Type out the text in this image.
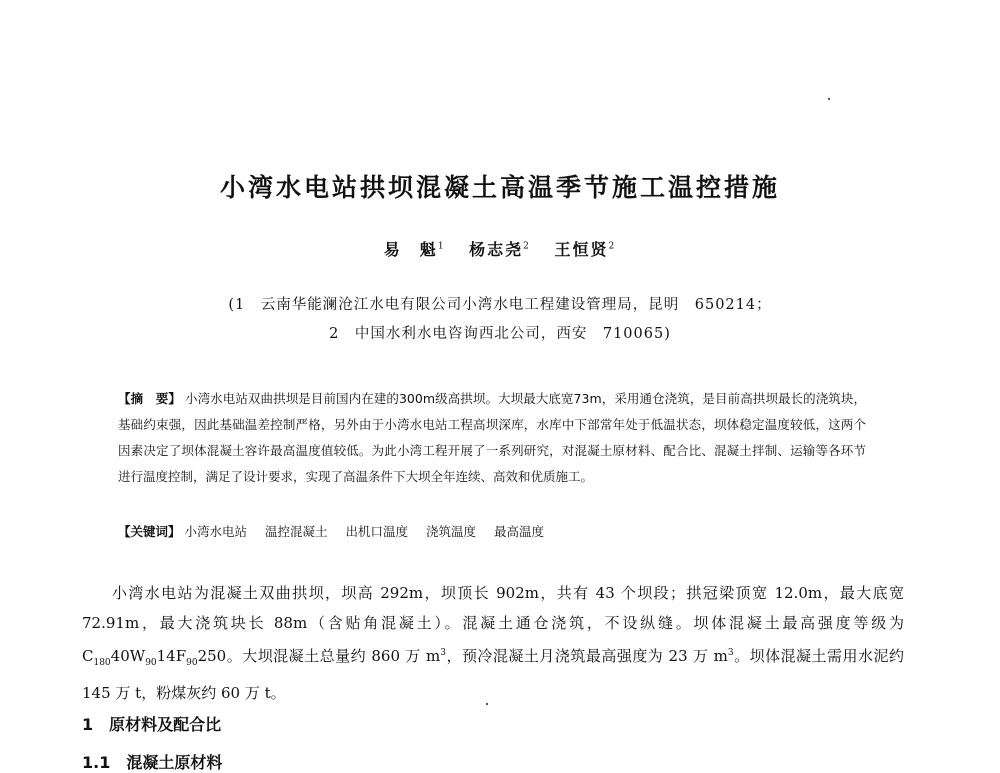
小湾水电站拱坝混凝土高温季节施工温控措施
易　魁$^1$ 杨志尧$^2$ 王恒贤$^2$
(1　云南华能澜沧江水电有限公司小湾水电工程建设管理局，昆明　650214；
2　中国水利水电咨询西北公司，西安　710065)
【摘　要】 小湾水电站双曲拱坝是目前国内在建的300m级高拱坝。大坝最大底宽73m，采用通仓浇筑，是目前高拱坝最长的浇筑块，基础约束强，因此基础温差控制严格，另外由于小湾水电站工程高坝深库，水库中下部常年处于低温状态，坝体稳定温度较低，这两个因素决定了坝体混凝土容许最高温度值较低。为此小湾工程开展了一系列研究，对混凝土原材料、配合比、混凝土拌制、运输等各环节进行温度控制，满足了设计要求，实现了高温条件下大坝全年连续、高效和优质施工。
【关键词】 小湾水电站 温控混凝土 出机口温度 浇筑温度 最高温度

小湾水电站为混凝土双曲拱坝，坝高 292m，坝顶长 902m，共有 43 个坝段；拱冠梁顶宽 12.0m，最大底宽 72.91m，最大浇筑块长 88m（含贴角混凝土）。混凝土通仓浇筑，不设纵缝。坝体混凝土最高强度等级为 $C_{180}40W_{90}14F_{90}250$。大坝混凝土总量约 860 万 $m^3$，预冷混凝土月浇筑最高强度为 23 万 $m^3$。坝体混凝土需用水泥约 145 万 t，粉煤灰约 60 万 t。

1　原材料及配合比
1.1　混凝土原材料
